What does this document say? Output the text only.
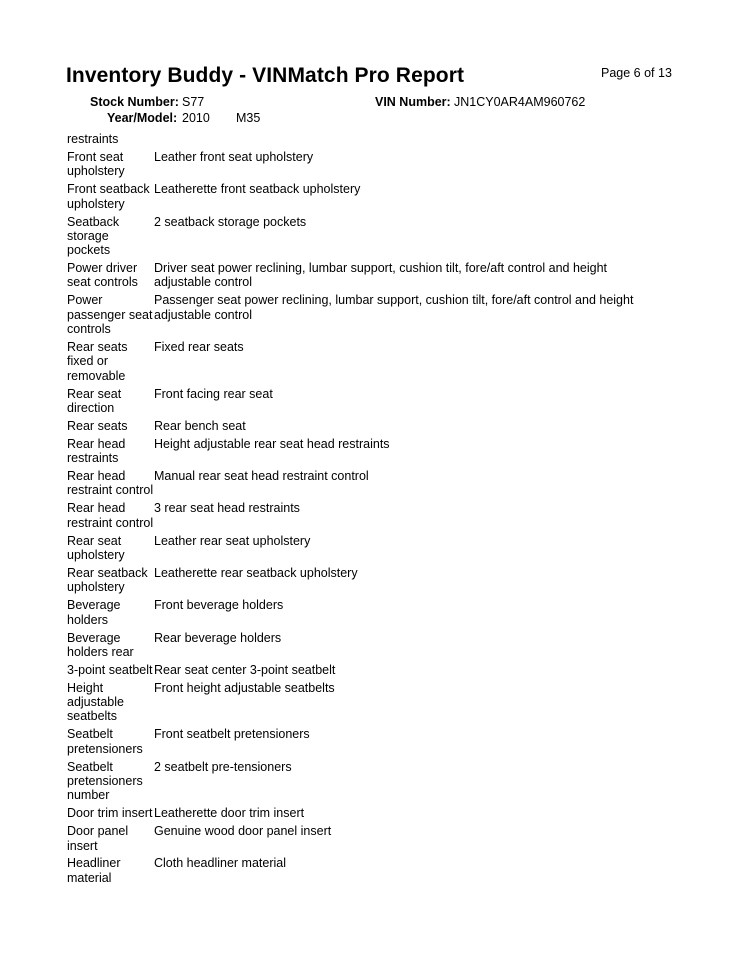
Page 6 of 13
Inventory Buddy - VINMatch Pro Report
Stock Number: S77	VIN Number: JN1CY0AR4AM960762
Year/Model: 2010 M35
restraints
Front seat
upholstery
Leather front seat upholstery
Front seatback
upholstery
Leatherette front seatback upholstery
Seatback
storage
pockets
2 seatback storage pockets
Power driver
seat controls
Driver seat power reclining, lumbar support, cushion tilt, fore/aft control and height adjustable control
Power
passenger seat
controls
Passenger seat power reclining, lumbar support, cushion tilt, fore/aft control and height adjustable control
Rear seats
fixed or
removable
Fixed rear seats
Rear seat
direction
Front facing rear seat
Rear seats	Rear bench seat
Rear head
restraints
Height adjustable rear seat head restraints
Rear head
restraint control
Manual rear seat head restraint control
Rear head
restraint control
3 rear seat head restraints
Rear seat
upholstery
Leather rear seat upholstery
Rear seatback
upholstery
Leatherette rear seatback upholstery
Beverage
holders
Front beverage holders
Beverage
holders rear
Rear beverage holders
3-point seatbelt Rear seat center 3-point seatbelt
Height
adjustable
seatbelts
Front height adjustable seatbelts
Seatbelt
pretensioners
Front seatbelt pretensioners
Seatbelt
pretensioners
number
2 seatbelt pre-tensioners
Door trim insert Leatherette door trim insert
Door panel
insert
Genuine wood door panel insert
Headliner
material
Cloth headliner material
